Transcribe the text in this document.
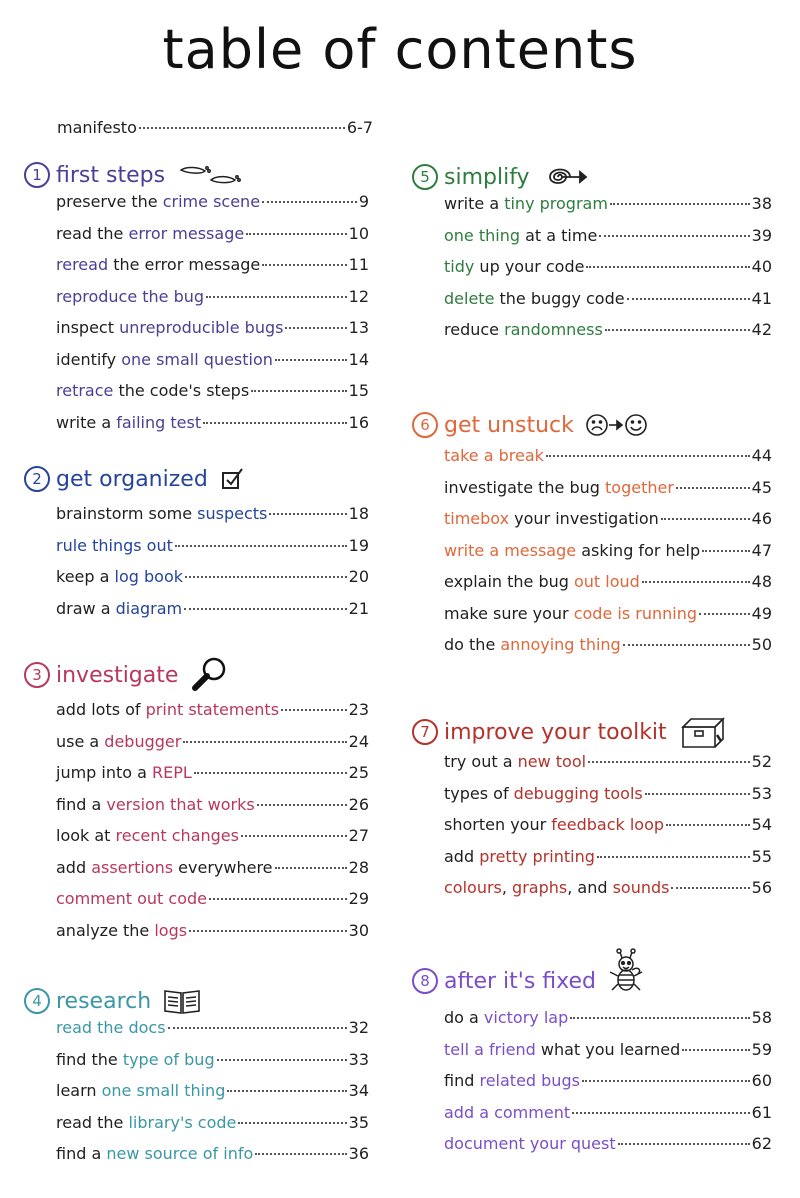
table of contents
manifesto	6-7
1 first steps
preserve the crime scene	9
read the error message	10
reread the error message	11
reproduce the bug	12
inspect unreproducible bugs	13
identify one small question	14
retrace the code's steps	15
write a failing test	16
2 get organized
brainstorm some suspects	18
rule things out	19
keep a log book	20
draw a diagram	21
3 investigate
add lots of print statements	23
use a debugger	24
jump into a REPL	25
find a version that works	26
look at recent changes	27
add assertions everywhere	28
comment out code	29
analyze the logs	30
4 research
read the docs	32
find the type of bug	33
learn one small thing	34
read the library's code	35
find a new source of info	36
5 simplify
write a tiny program	38
one thing at a time	39
tidy up your code	40
delete the buggy code	41
reduce randomness	42
6 get unstuck
take a break	44
investigate the bug together	45
timebox your investigation	46
write a message asking for help	47
explain the bug out loud	48
make sure your code is running	49
do the annoying thing	50
7 improve your toolkit
try out a new tool	52
types of debugging tools	53
shorten your feedback loop	54
add pretty printing	55
colours, graphs, and sounds	56
8 after it's fixed
do a victory lap	58
tell a friend what you learned	59
find related bugs	60
add a comment	61
document your quest	62
